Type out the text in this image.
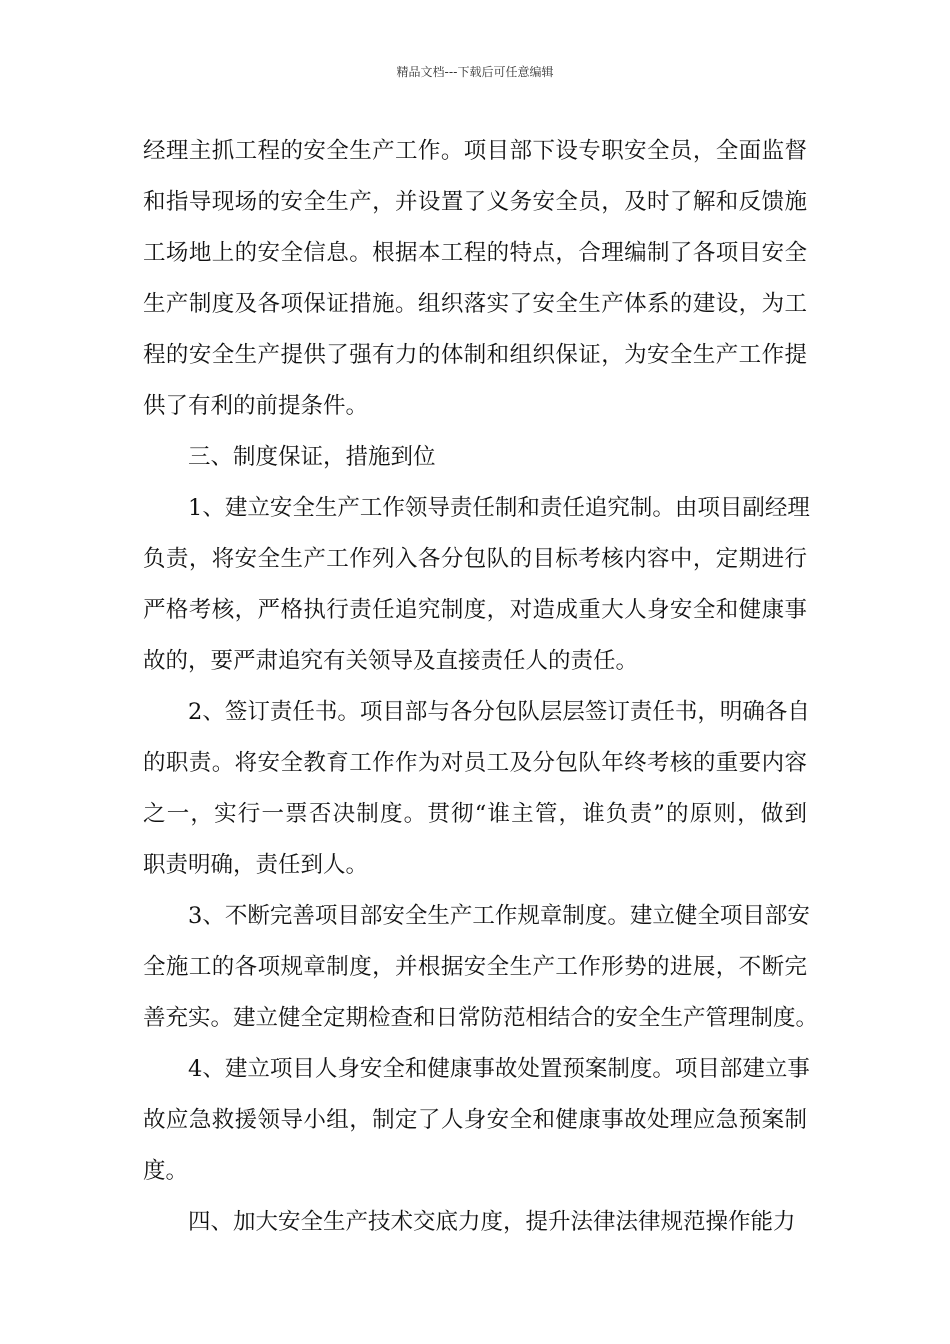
精品文档---下载后可任意编辑
经理主抓工程的安全生产工作。项目部下设专职安全员，全面监督
和指导现场的安全生产，并设置了义务安全员，及时了解和反馈施
工场地上的安全信息。根据本工程的特点，合理编制了各项目安全
生产制度及各项保证措施。组织落实了安全生产体系的建设，为工
程的安全生产提供了强有力的体制和组织保证，为安全生产工作提
供了有利的前提条件。
三、制度保证，措施到位
1、建立安全生产工作领导责任制和责任追究制。由项目副经理
负责，将安全生产工作列入各分包队的目标考核内容中，定期进行
严格考核，严格执行责任追究制度，对造成重大人身安全和健康事
故的，要严肃追究有关领导及直接责任人的责任。
2、签订责任书。项目部与各分包队层层签订责任书，明确各自
的职责。将安全教育工作作为对员工及分包队年终考核的重要内容
之一，实行一票否决制度。贯彻“谁主管，谁负责”的原则，做到
职责明确，责任到人。
3、不断完善项目部安全生产工作规章制度。建立健全项目部安
全施工的各项规章制度，并根据安全生产工作形势的进展，不断完
善充实。建立健全定期检查和日常防范相结合的安全生产管理制度。
4、建立项目人身安全和健康事故处置预案制度。项目部建立事
故应急救援领导小组，制定了人身安全和健康事故处理应急预案制
度。
四、加大安全生产技术交底力度，提升法律法律规范操作能力
